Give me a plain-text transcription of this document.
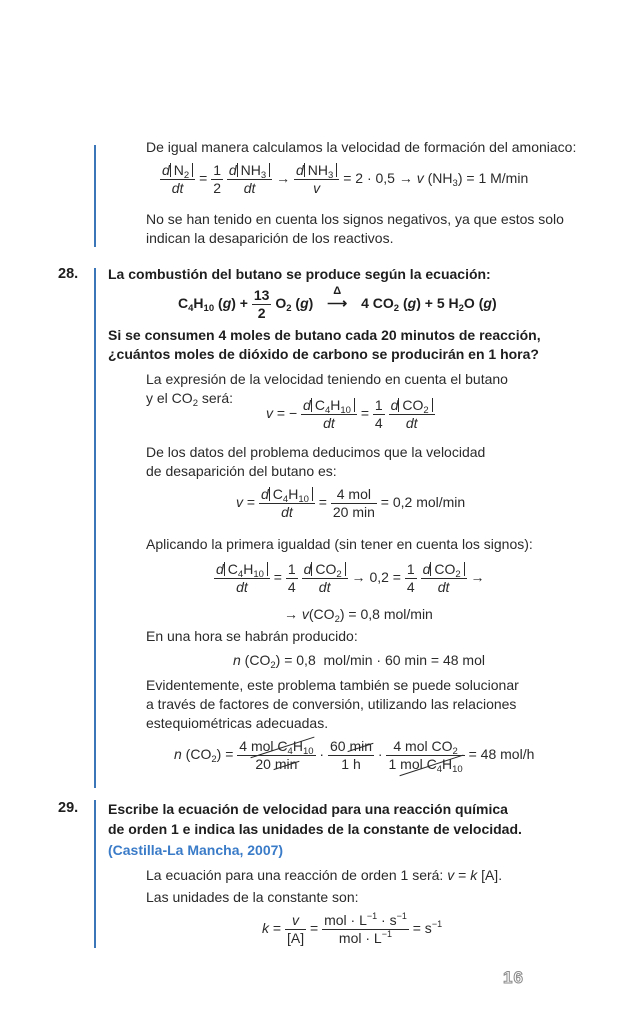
De igual manera calculamos la velocidad de formación del amoniaco:
$\frac{d N_2}{dt} = \frac{1}{2}$
$\frac{d NH_3}{dt} \to \frac{d NH_3}{v} = 2 \cdot 0,5 \to v$ $(NH_3) = 1$ M/min
No se han tenido en cuenta los signos negativos, ya que estos solo
indican la desaparición de los reactivos.
28. La combustión del butano se produce según la ecuación:
$C_4H_{10}$ $(g) + \frac{13}{2} O_2$ (g)
Δ
⟶ 4 $CO_2$ (g) + 5 $H_2O$ (g)
Si se consumen 4 moles de butano cada 20 minutos de reacción,
¿cuántos moles de dióxido de carbono se producirán en 1 hora?
La expresión de la velocidad teniendo en cuenta el butano
y el $CO_2$ será:
v = − $\frac{d C_4H_{10}}{dt} = \frac{1}{4}$
$\frac{d CO_2}{dt}$
De los datos del problema deducimos que la velocidad
de desaparición del butano es:
$v = \frac{d C_4H_{10}}{dt} = \frac{\text{4 mol}}{20 \min} = 0,2$ mol/min
Aplicando la primera igualdad (sin tener en cuenta los signos):
$\frac{d C_4H_{10}}{dt} = \frac{1}{4}$
$\frac{d CO_2}{dt} \to 0,2 = \frac{1}{4}$
$\frac{d CO_2}{dt}$ →
→ $v(CO_2) = 0,8$ mol/min
En una hora se habrán producido:
n $(CO_2) = 0,8$  mol/min · 60 min = 48 mol
Evidentemente, este problema también se puede solucionar
a través de factores de conversión, utilizando las relaciones
estequiométricas adecuadas.
n $(CO_2) = \frac{4 mol C_4H_{10}}{20 \min} \cdot \frac{60 \min}{1 h} \cdot \frac{4 mol CO_2}{1 mol C_4H_{10}} = 48$ mol/h
29. Escribe la ecuación de velocidad para una reacción química
de orden 1 e indica las unidades de la constante de velocidad.
(Castilla-La Mancha, 2007)
La ecuación para una reacción de orden 1 será: v = k [A].
Las unidades de la constante son:
$k = \frac{v}{[A]} = \frac{mol \cdot L^{-1} \cdot s^{-1}}{mol \cdot L^{-1}} = s^{-1}$
16
